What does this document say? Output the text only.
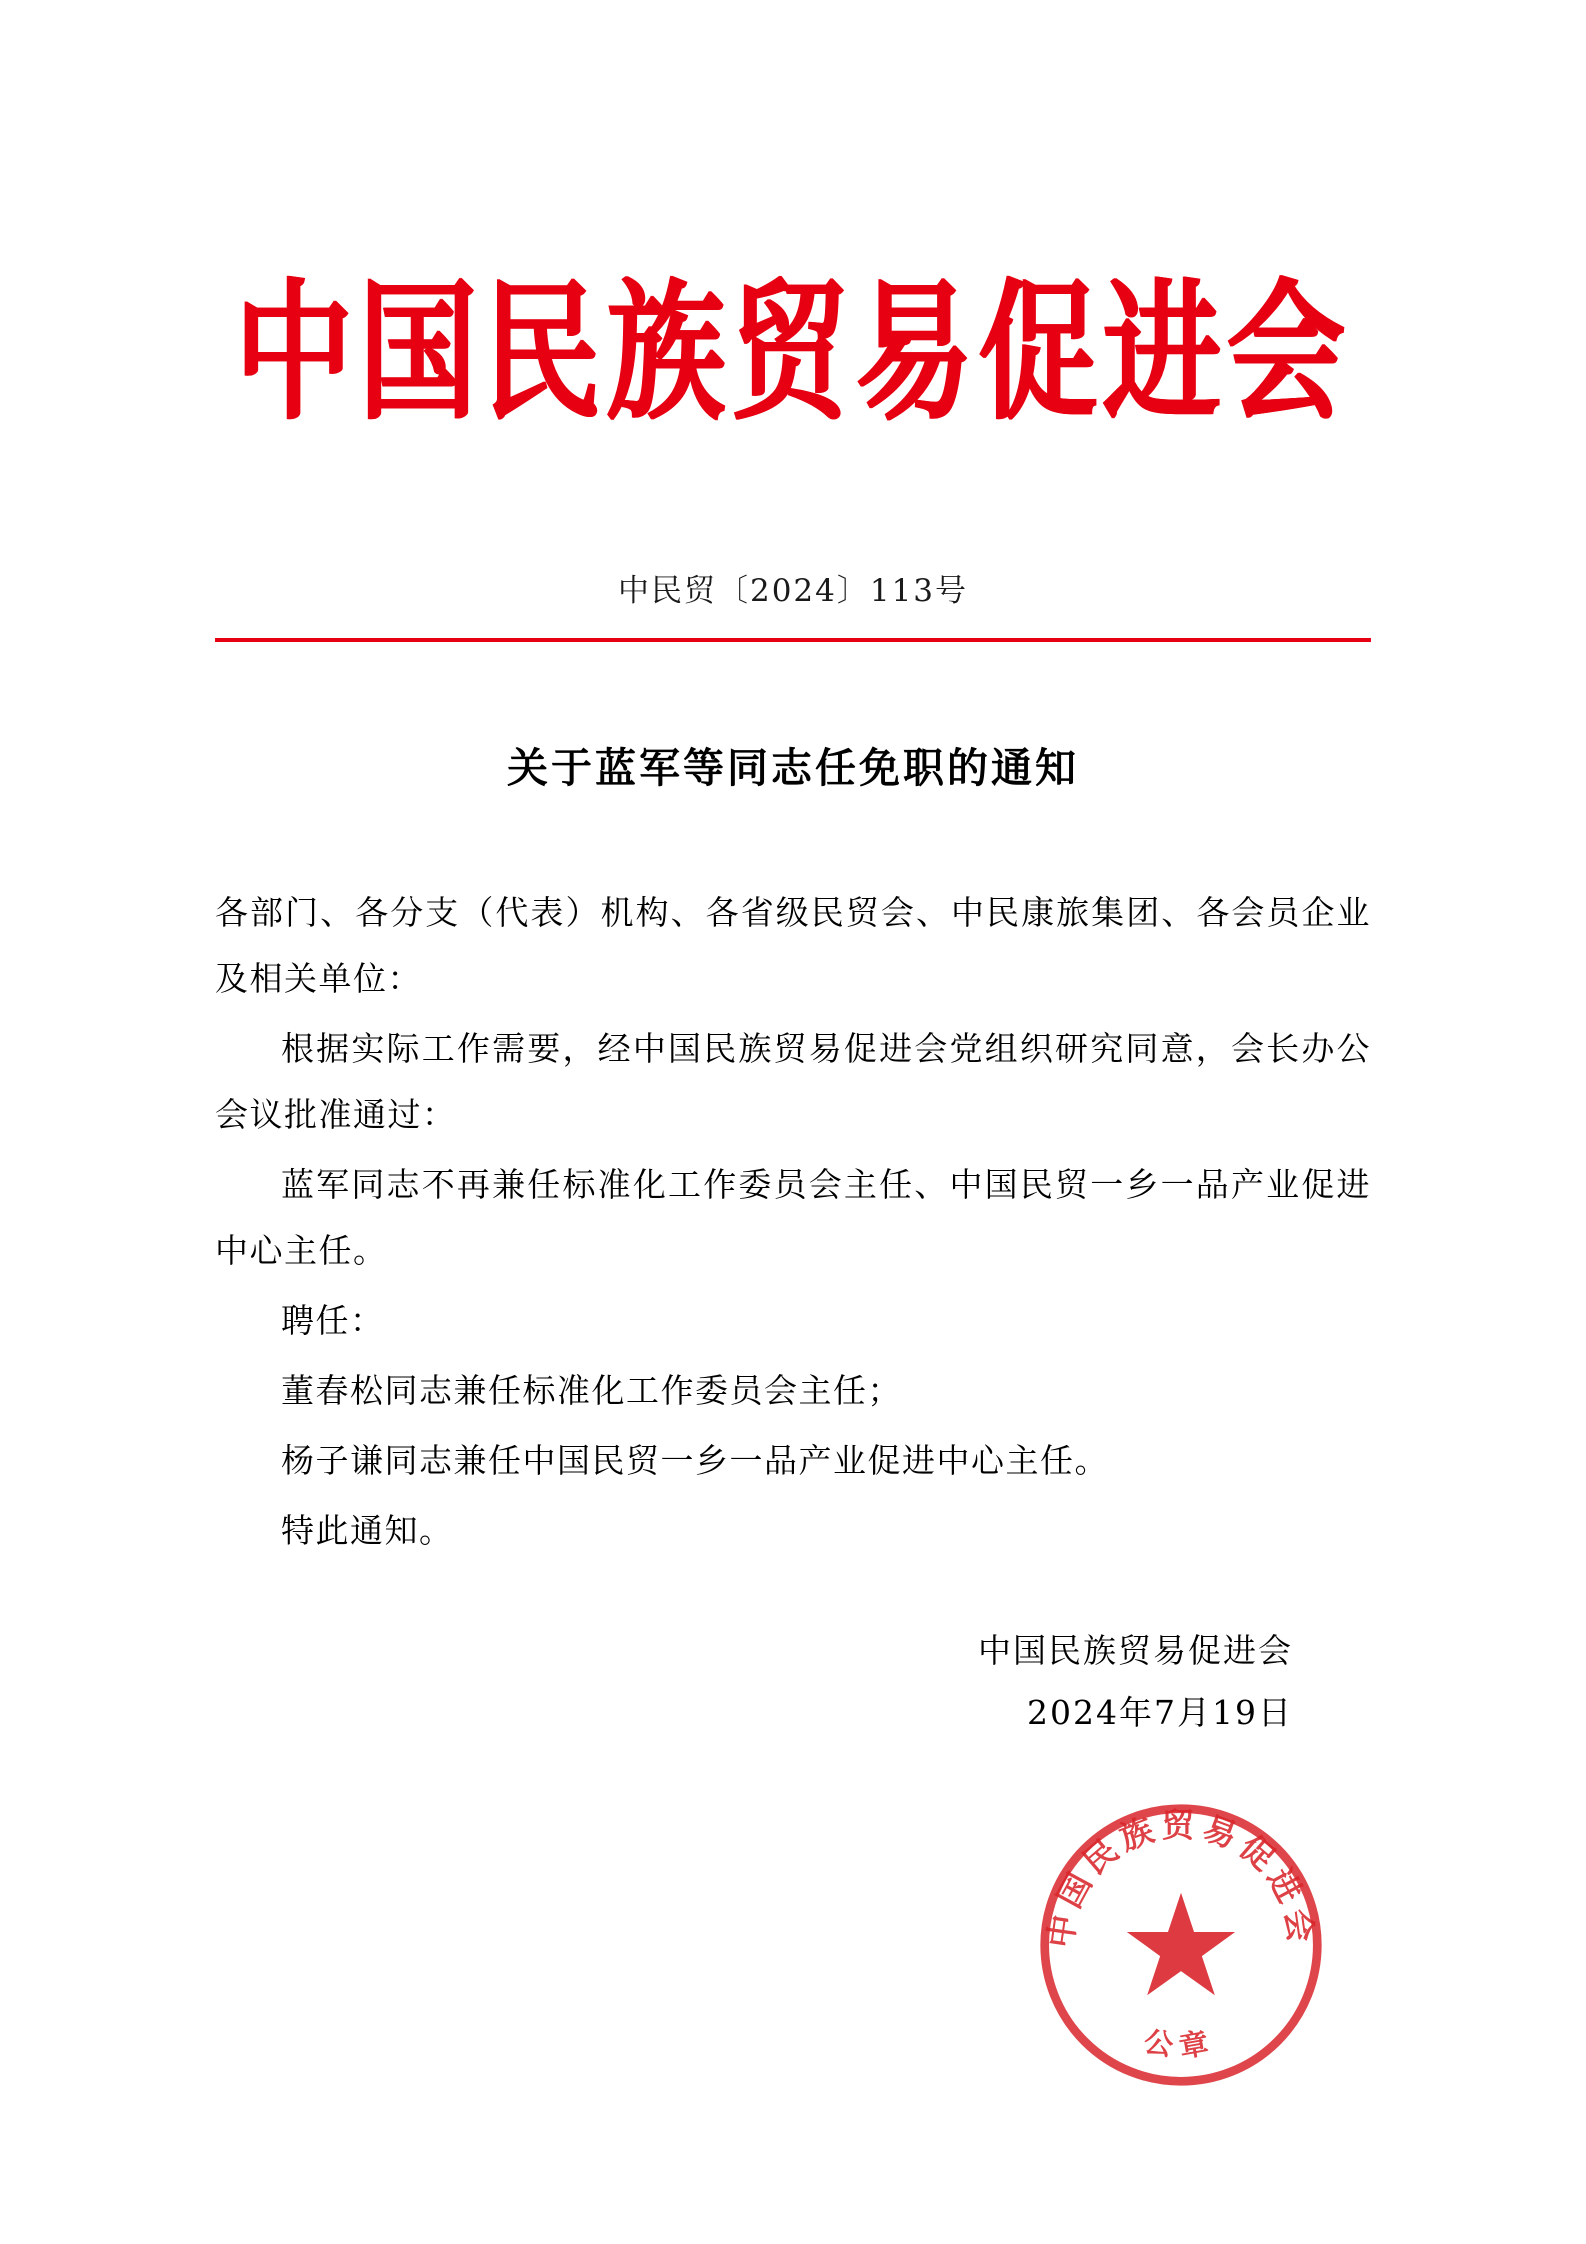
中国民族贸易促进会
中民贸〔2024〕113号
关于蓝军等同志任免职的通知

各部门、各分支（代表）机构、各省级民贸会、中民康旅集团、各会员企业及相关单位：

根据实际工作需要，经中国民族贸易促进会党组织研究同意，会长办公会议批准通过：

蓝军同志不再兼任标准化工作委员会主任、中国民贸一乡一品产业促进中心主任。

聘任：

董春松同志兼任标准化工作委员会主任；

杨子谦同志兼任中国民贸一乡一品产业促进中心主任。

特此通知。

中国民族贸易促进会
2024年7月19日
中国民族贸易促进会
公章
